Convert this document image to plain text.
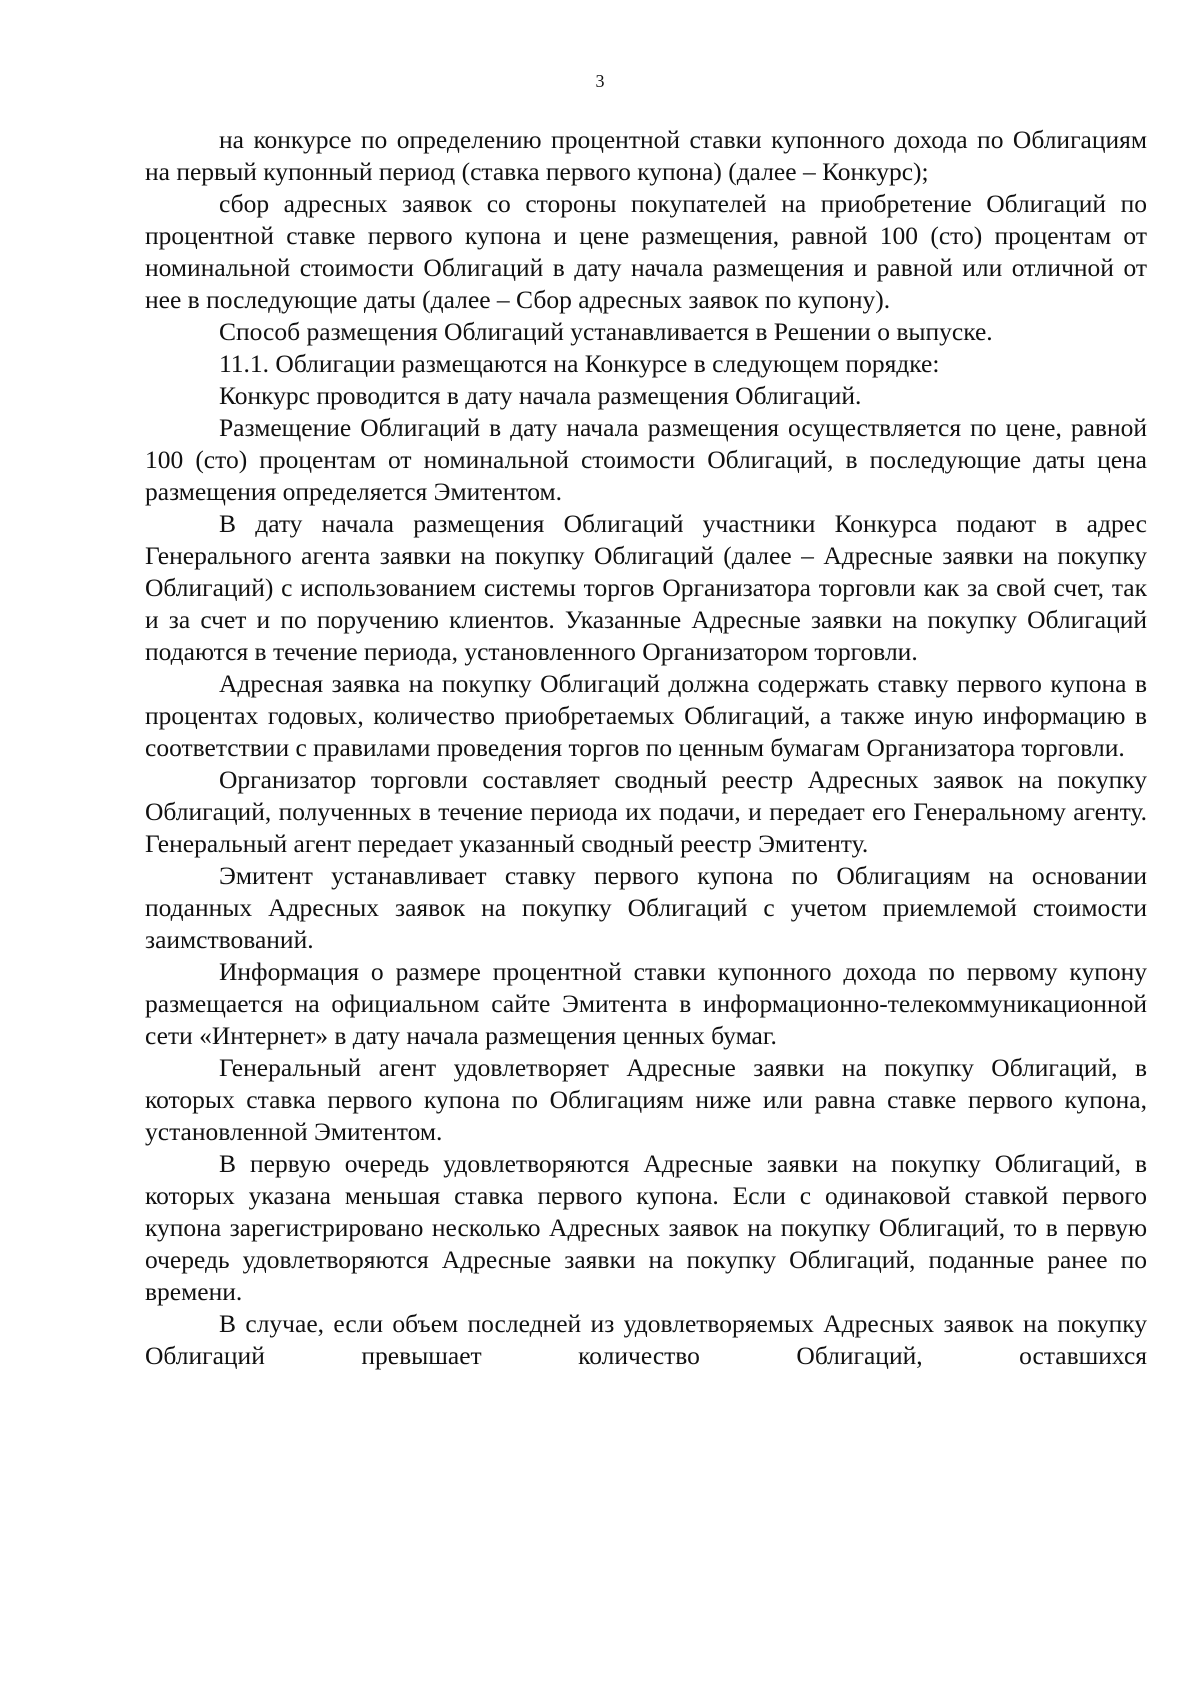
3

на конкурсе по определению процентной ставки купонного дохода по Облигациям на первый купонный период (ставка первого купона) (далее – Конкурс);

сбор адресных заявок со стороны покупателей на приобретение Облигаций по процентной ставке первого купона и цене размещения, равной 100 (сто) процентам от номинальной стоимости Облигаций в дату начала размещения и равной или отличной от нее в последующие даты (далее – Сбор адресных заявок по купону).

Способ размещения Облигаций устанавливается в Решении о выпуске.

11.1. Облигации размещаются на Конкурсе в следующем порядке:

Конкурс проводится в дату начала размещения Облигаций.

Размещение Облигаций в дату начала размещения осуществляется по цене, равной 100 (сто) процентам от номинальной стоимости Облигаций, в последующие даты цена размещения определяется Эмитентом.

В дату начала размещения Облигаций участники Конкурса подают в адрес Генерального агента заявки на покупку Облигаций (далее – Адресные заявки на покупку Облигаций) с использованием системы торгов Организатора торговли как за свой счет, так и за счет и по поручению клиентов. Указанные Адресные заявки на покупку Облигаций подаются в течение периода, установленного Организатором торговли.

Адресная заявка на покупку Облигаций должна содержать ставку первого купона в процентах годовых, количество приобретаемых Облигаций, а также иную информацию в соответствии с правилами проведения торгов по ценным бумагам Организатора торговли.

Организатор торговли составляет сводный реестр Адресных заявок на покупку Облигаций, полученных в течение периода их подачи, и передает его Генеральному агенту. Генеральный агент передает указанный сводный реестр Эмитенту.

Эмитент устанавливает ставку первого купона по Облигациям на основании поданных Адресных заявок на покупку Облигаций с учетом приемлемой стоимости заимствований.

Информация о размере процентной ставки купонного дохода по первому купону размещается на официальном сайте Эмитента в информационно-телекоммуникационной сети «Интернет» в дату начала размещения ценных бумаг.

Генеральный агент удовлетворяет Адресные заявки на покупку Облигаций, в которых ставка первого купона по Облигациям ниже или равна ставке первого купона, установленной Эмитентом.

В первую очередь удовлетворяются Адресные заявки на покупку Облигаций, в которых указана меньшая ставка первого купона. Если с одинаковой ставкой первого купона зарегистрировано несколько Адресных заявок на покупку Облигаций, то в первую очередь удовлетворяются Адресные заявки на покупку Облигаций, поданные ранее по времени.

В случае, если объем последней из удовлетворяемых Адресных заявок на покупку Облигаций превышает количество Облигаций, оставшихся
